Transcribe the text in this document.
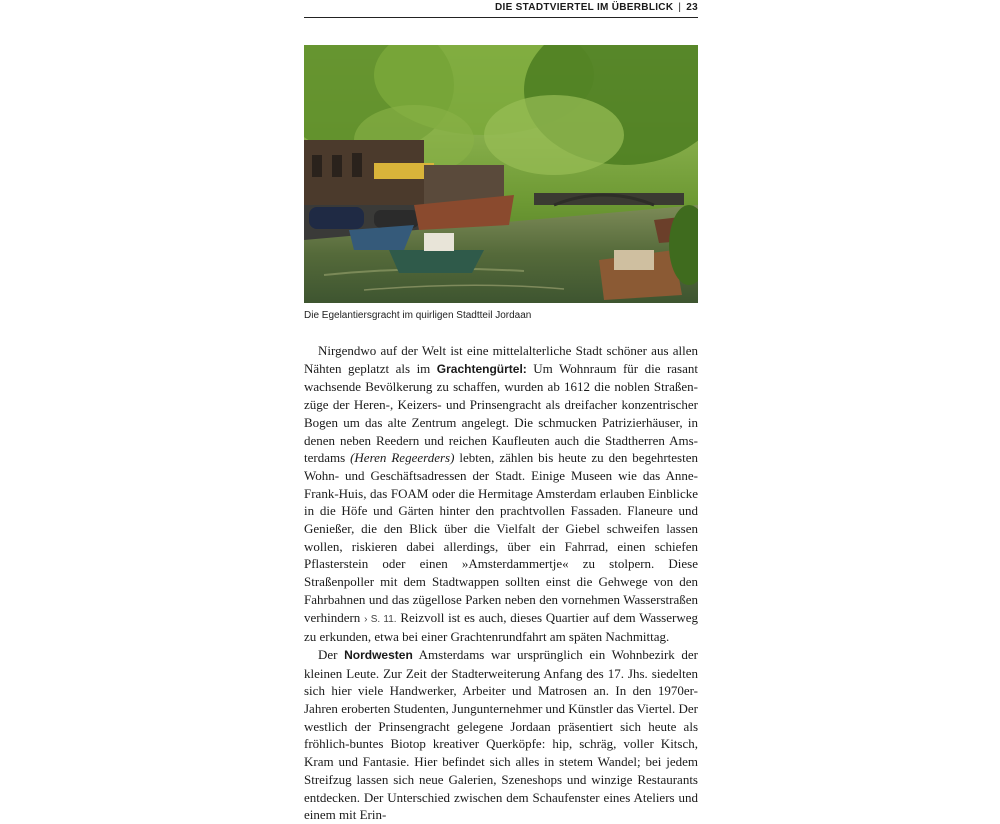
DIE STADTVIERTEL IM ÜBERBLICK | 23
Die Egelantiersgracht im quirligen Stadtteil Jordaan

Nirgendwo auf der Welt ist eine mittelalterliche Stadt schöner aus allen Nähten geplatzt als im Grachtengürtel: Um Wohnraum für die rasant wachsende Bevölkerung zu schaffen, wurden ab 1612 die noblen Straßenzüge der Heren-, Keizers- und Prinsengracht als dreifacher konzentrischer Bogen um das alte Zentrum angelegt. Die schmucken Patrizierhäuser, in denen neben Reedern und reichen Kaufleuten auch die Stadtherren Amsterdams (Heren Regeerders) lebten, zählen bis heute zu den begehrtesten Wohn- und Geschäftsadressen der Stadt. Einige Museen wie das Anne-Frank-Huis, das FOAM oder die Hermitage Amsterdam erlauben Einblicke in die Höfe und Gärten hinter den prachtvollen Fassaden. Flaneure und Genießer, die den Blick über die Vielfalt der Giebel schweifen lassen wollen, riskieren dabei allerdings, über ein Fahrrad, einen schiefen Pflasterstein oder einen »Amsterdammertje« zu stolpern. Diese Straßenpoller mit dem Stadtwappen sollten einst die Gehwege von den Fahrbahnen und das zügellose Parken neben den vornehmen Wasserstraßen verhindern › S. 11. Reizvoll ist es auch, dieses Quartier auf dem Wasserweg zu erkunden, etwa bei einer Grachtenrundfahrt am späten Nachmittag.

Der Nordwesten Amsterdams war ursprünglich ein Wohnbezirk der kleinen Leute. Zur Zeit der Stadterweiterung Anfang des 17. Jhs. siedelten sich hier viele Handwerker, Arbeiter und Matrosen an. In den 1970er-Jahren eroberten Studenten, Jungunternehmer und Künstler das Viertel. Der westlich der Prinsengracht gelegene Jordaan präsentiert sich heute als fröhlich-buntes Biotop kreativer Querköpfe: hip, schräg, voller Kitsch, Kram und Fantasie. Hier befindet sich alles in stetem Wandel; bei jedem Streifzug lassen sich neue Galerien, Szeneshops und winzige Restaurants entdecken. Der Unterschied zwischen dem Schaufenster eines Ateliers und einem mit Erin-
